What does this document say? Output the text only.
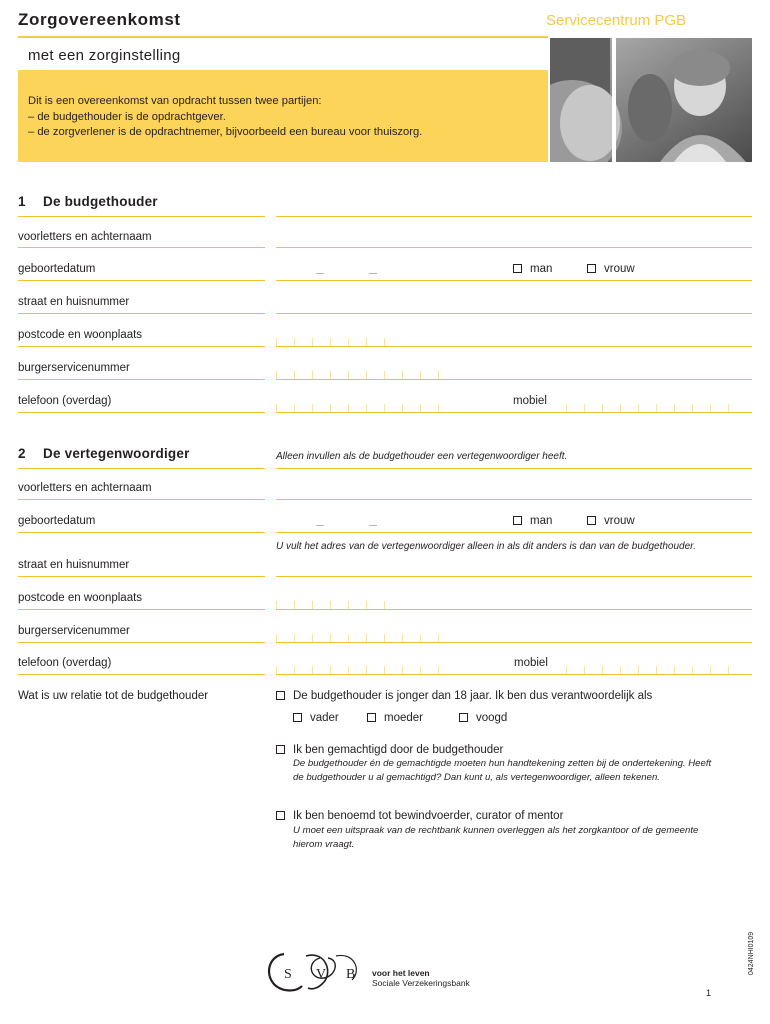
Zorgovereenkomst	Servicecentrum PGB
met een zorginstelling
Dit is een overeenkomst van opdracht tussen twee partijen:
– de budgethouder is de opdrachtgever.
– de zorgverlener is de opdrachtnemer, bijvoorbeeld een bureau voor thuiszorg.
1 De budgethouder
voorletters en achternaam
geboortedatum	man	vrouw
straat en huisnummer
postcode en woonplaats
burgerservicenummer
telefoon (overdag)	mobiel
2 De vertegenwoordiger	Alleen invullen als de budgethouder een vertegenwoordiger heeft.
voorletters en achternaam
geboortedatum	man	vrouw
U vult het adres van de vertegenwoordiger alleen in als dit anders is dan van de budgethouder.
straat en huisnummer
postcode en woonplaats
burgerservicenummer
telefoon (overdag)	mobiel
Wat is uw relatie tot de budgethouder	De budgethouder is jonger dan 18 jaar. Ik ben dus verantwoordelijk als
vader	moeder	voogd
Ik ben gemachtigd door de budgethouder
De budgethouder én de gemachtigde moeten hun handtekening zetten bij de ondertekening. Heeft de budgethouder u al gemachtigd? Dan kunt u, als vertegenwoordiger, alleen tekenen.
Ik ben benoemd tot bewindvoerder, curator of mentor
U moet een uitspraak van de rechtbank kunnen overleggen als het zorgkantoor of de gemeente hierom vraagt.
S V B voor het leven
Sociale Verzekeringsbank
1
0424NHI0109
